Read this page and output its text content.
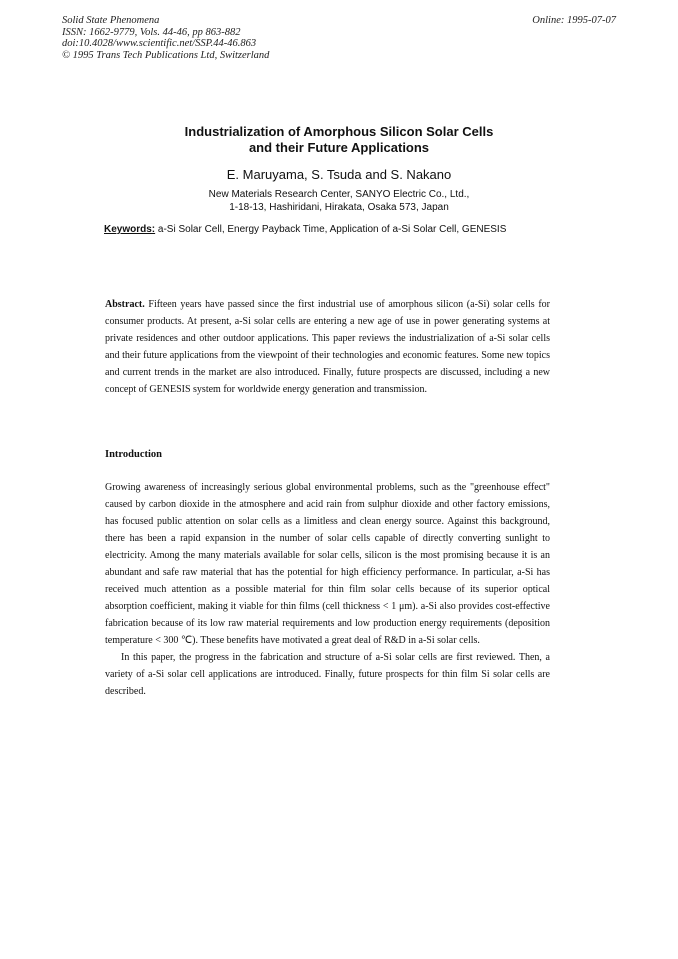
Solid State Phenomena
ISSN: 1662-9779, Vols. 44-46, pp 863-882
doi:10.4028/www.scientific.net/SSP.44-46.863
© 1995 Trans Tech Publications Ltd, Switzerland
Online: 1995-07-07
Industrialization of Amorphous Silicon Solar Cells
and their Future Applications
E. Maruyama, S. Tsuda and S. Nakano
New Materials Research Center, SANYO Electric Co., Ltd.,
1-18-13, Hashiridani, Hirakata, Osaka 573, Japan
Keywords: a-Si Solar Cell, Energy Payback Time, Application of a-Si Solar Cell, GENESIS
Abstract. Fifteen years have passed since the first industrial use of amorphous silicon (a-Si) solar cells for consumer products. At present, a-Si solar cells are entering a new age of use in power generating systems at private residences and other outdoor applications. This paper reviews the industrialization of a-Si solar cells and their future applications from the viewpoint of their technologies and economic features. Some new topics and current trends in the market are also introduced. Finally, future prospects are discussed, including a new concept of GENESIS system for worldwide energy generation and transmission.
Introduction

Growing awareness of increasingly serious global environmental problems, such as the "greenhouse effect" caused by carbon dioxide in the atmosphere and acid rain from sulphur dioxide and other factory emissions, has focused public attention on solar cells as a limitless and clean energy source. Against this background, there has been a rapid expansion in the number of solar cells capable of directly converting sunlight to electricity. Among the many materials available for solar cells, silicon is the most promising because it is an abundant and safe raw material that has the potential for high efficiency performance. In particular, a-Si has received much attention as a possible material for thin film solar cells because of its superior optical absorption coefficient, making it viable for thin films (cell thickness < 1 μm). a-Si also provides cost-effective fabrication because of its low raw material requirements and low production energy requirements (deposition temperature < 300 ℃). These benefits have motivated a great deal of R&D in a-Si solar cells.

In this paper, the progress in the fabrication and structure of a-Si solar cells are first reviewed. Then, a variety of a-Si solar cell applications are introduced. Finally, future prospects for thin film Si solar cells are described.
